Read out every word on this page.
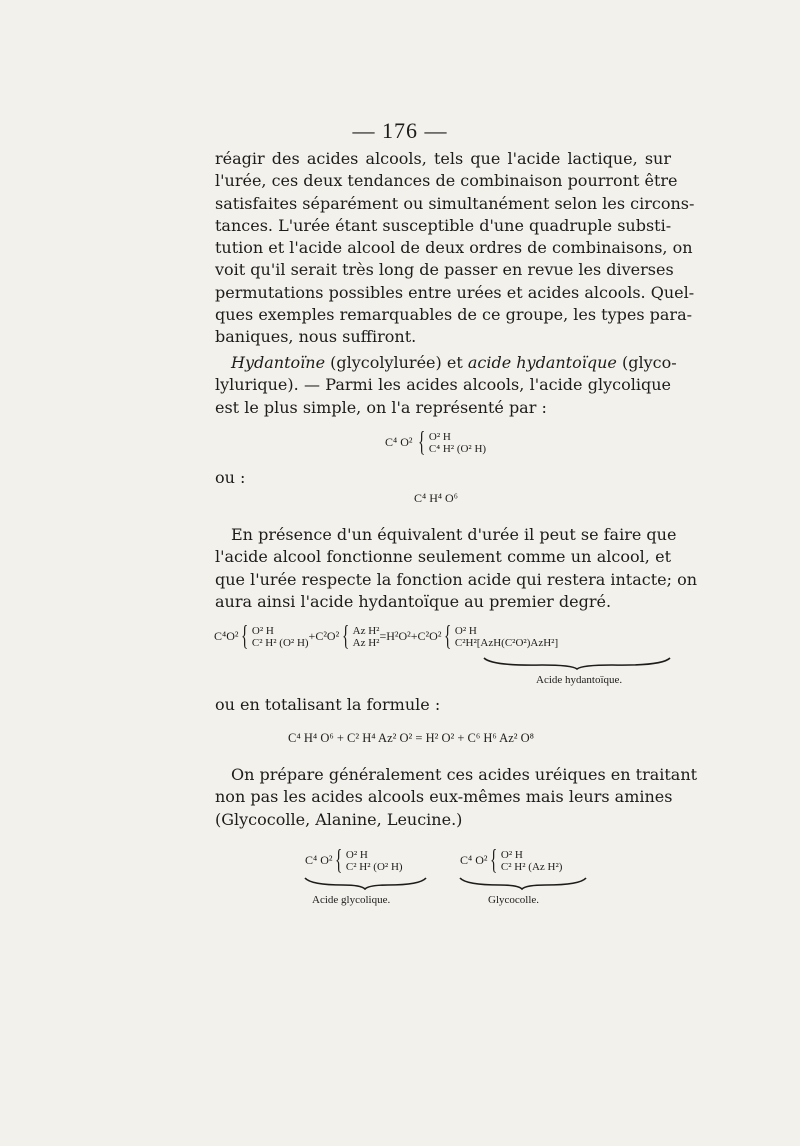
— 176 —
réagir des acides alcools, tels que l'acide lactique, sur
l'urée, ces deux tendances de combinaison pourront être
satisfaites séparément ou simultanément selon les circons-
tances. L'urée étant susceptible d'une quadruple substi-
tution et l'acide alcool de deux ordres de combinaisons, on
voit qu'il serait très long de passer en revue les diverses
permutations possibles entre urées et acides alcools. Quel-
ques exemples remarquables de ce groupe, les types para-
baniques, nous suffiront.
Hydantoïne (glycolylurée) et acide hydantoïque (glyco-
lylurique). — Parmi les acides alcools, l'acide glycolique
est le plus simple, on l'a représenté par :
C⁴ O² { O² H
C⁴ H² (O² H)
ou :
C⁴ H⁴ O⁶
En présence d'un équivalent d'urée il peut se faire que
l'acide alcool fonctionne seulement comme un alcool, et
que l'urée respecte la fonction acide qui restera intacte; on
aura ainsi l'acide hydantoïque au premier degré.
C⁴O² { O² H
C² H² (O² H)+C²O² { Az H²
Az H²=H²O²+C²O² { O² H
C²H²[AzH(C²O²)AzH²]
Acide hydantoïque.
ou en totalisant la formule :
C⁴ H⁴ O⁶ + C² H⁴ Az² O² = H² O² + C⁶ H⁶ Az² O⁸
On prépare généralement ces acides uréiques en traitant
non pas les acides alcools eux-mêmes mais leurs amines
(Glycocolle, Alanine, Leucine.)
C⁴ O² { O² H
C² H² (O² H)
Acide glycolique.
C⁴ O² { O² H
C² H² (Az H²)
Glycocolle.
